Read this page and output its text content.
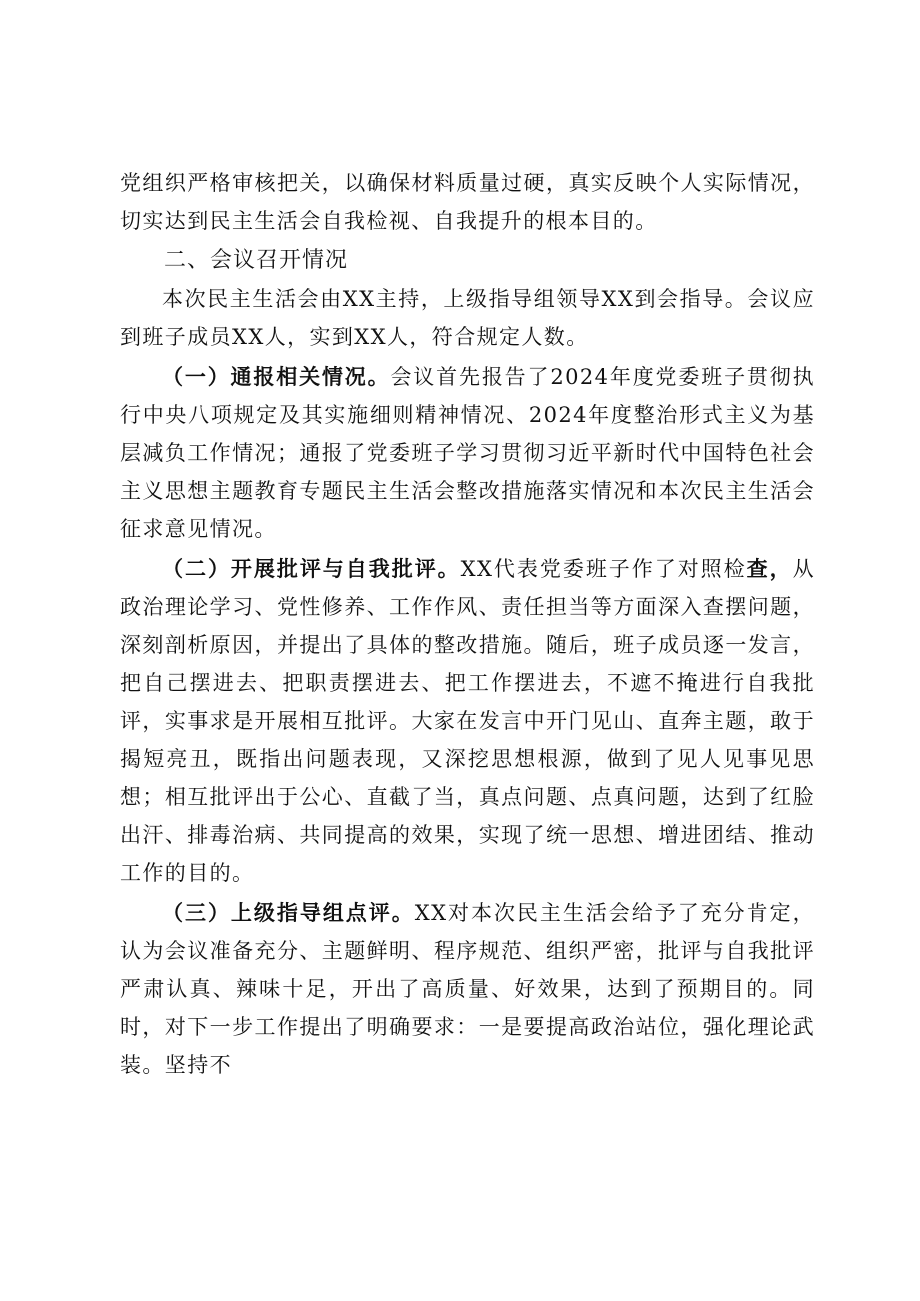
党组织严格审核把关，以确保材料质量过硬，真实反映个人实际情况，切实达到民主生活会自我检视、自我提升的根本目的。

二、会议召开情况

本次民主生活会由XX主持，上级指导组领导XX到会指导。会议应到班子成员XX人，实到XX人，符合规定人数。

（一）通报相关情况。会议首先报告了2024年度党委班子贯彻执行中央八项规定及其实施细则精神情况、2024年度整治形式主义为基层减负工作情况；通报了党委班子学习贯彻习近平新时代中国特色社会主义思想主题教育专题民主生活会整改措施落实情况和本次民主生活会征求意见情况。

（二）开展批评与自我批评。XX代表党委班子作了对照检查，从政治理论学习、党性修养、工作作风、责任担当等方面深入查摆问题，深刻剖析原因，并提出了具体的整改措施。随后，班子成员逐一发言，把自己摆进去、把职责摆进去、把工作摆进去，不遮不掩进行自我批评，实事求是开展相互批评。大家在发言中开门见山、直奔主题，敢于揭短亮丑，既指出问题表现，又深挖思想根源，做到了见人见事见思想；相互批评出于公心、直截了当，真点问题、点真问题，达到了红脸出汗、排毒治病、共同提高的效果，实现了统一思想、增进团结、推动工作的目的。

（三）上级指导组点评。XX对本次民主生活会给予了充分肯定，认为会议准备充分、主题鲜明、程序规范、组织严密，批评与自我批评严肃认真、辣味十足，开出了高质量、好效果，达到了预期目的。同时，对下一步工作提出了明确要求：一是要提高政治站位，强化理论武装。坚持不
